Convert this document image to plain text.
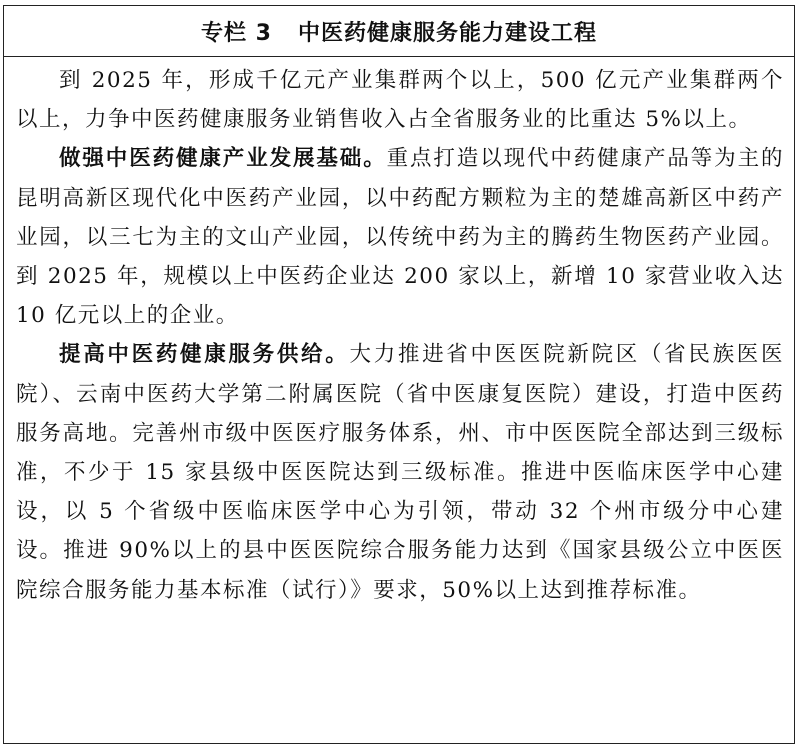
专栏 3 中医药健康服务能力建设工程

到 2025 年，形成千亿元产业集群两个以上，500 亿元产业集群两个以上，力争中医药健康服务业销售收入占全省服务业的比重达 5%以上。

做强中医药健康产业发展基础。重点打造以现代中药健康产品等为主的昆明高新区现代化中医药产业园，以中药配方颗粒为主的楚雄高新区中药产业园，以三七为主的文山产业园，以传统中药为主的腾药生物医药产业园。到 2025 年，规模以上中医药企业达 200 家以上，新增 10 家营业收入达 10 亿元以上的企业。

提高中医药健康服务供给。大力推进省中医医院新院区（省民族医医院）、云南中医药大学第二附属医院（省中医康复医院）建设，打造中医药服务高地。完善州市级中医医疗服务体系，州、市中医医院全部达到三级标准，不少于 15 家县级中医医院达到三级标准。推进中医临床医学中心建设，以 5 个省级中医临床医学中心为引领，带动 32 个州市级分中心建设。推进 90%以上的县中医医院综合服务能力达到《国家县级公立中医医院综合服务能力基本标准（试行）》要求，50%以上达到推荐标准。
